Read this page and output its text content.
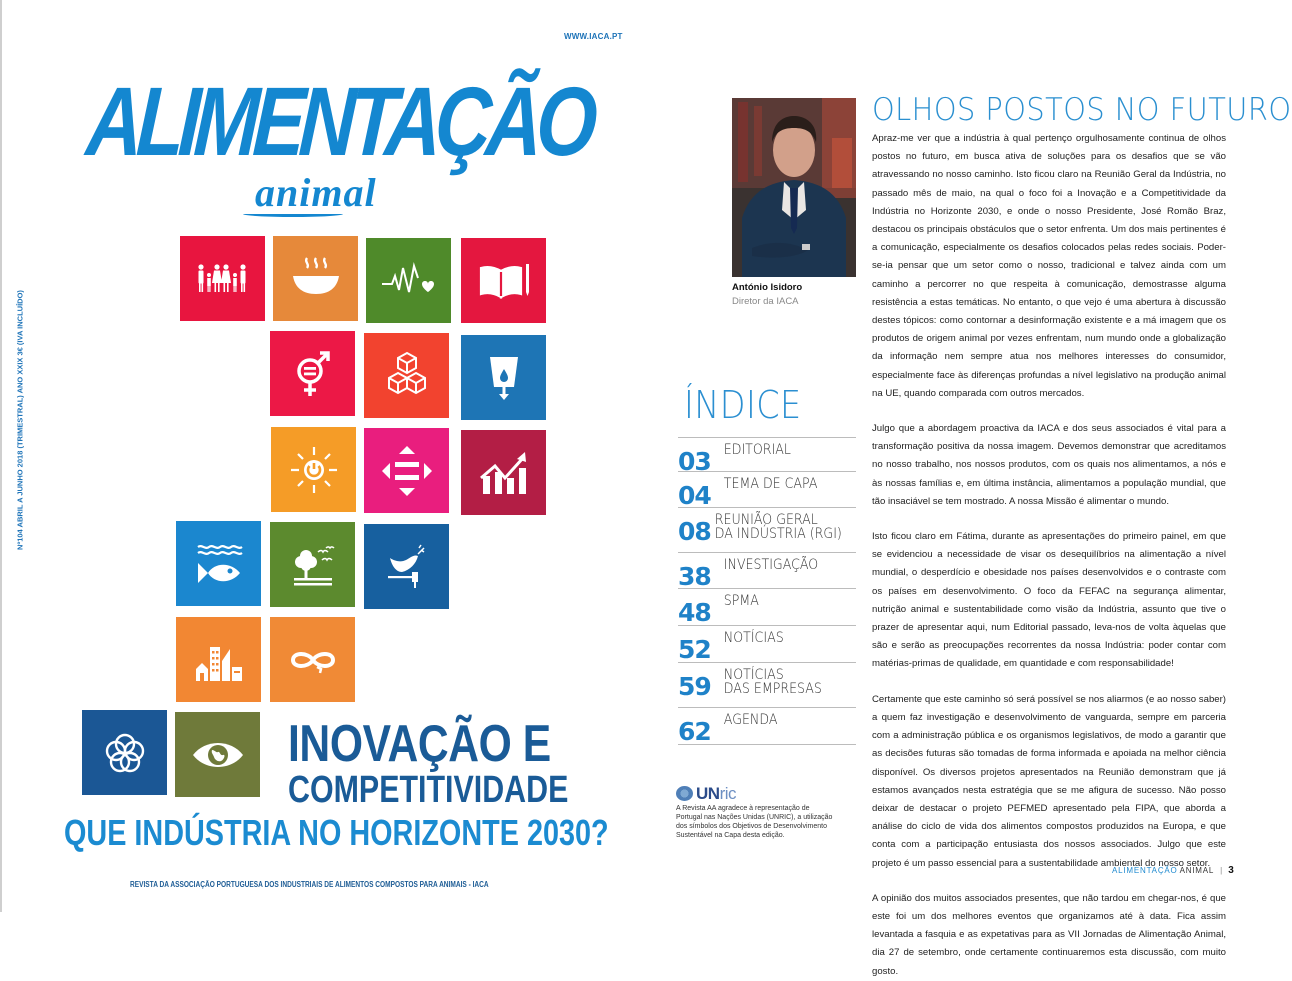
WWW.IACA.PT
ALIMENTAÇÃO
animal
Nº104 ABRIL A JUNHO 2018 (TRIMESTRAL) ANO XXIX 3€ (IVA INCLUÍDO)
INOVAÇÃO E
COMPETITIVIDADE
QUE INDÚSTRIA NO HORIZONTE 2030?
REVISTA DA ASSOCIAÇÃO PORTUGUESA DOS INDUSTRIAIS DE ALIMENTOS COMPOSTOS PARA ANIMAIS - IACA
António Isidoro
Diretor da IACA
OLHOS POSTOS NO FUTURO

Apraz-me ver que a indústria à qual pertenço orgulhosamente continua de olhos postos no futuro, em busca ativa de soluções para os desafios que se vão atravessando no nosso caminho. Isto ficou claro na Reunião Geral da Indústria, no passado mês de maio, na qual o foco foi a Inovação e a Competitividade da Indústria no Horizonte 2030, e onde o nosso Presidente, José Romão Braz, destacou os principais obstáculos que o setor enfrenta. Um dos mais pertinentes é a comunicação, especialmente os desafios colocados pelas redes sociais. Poder-se-ia pensar que um setor como o nosso, tradicional e talvez ainda com um caminho a percorrer no que respeita à comunicação, demostrasse alguma resistência a estas temáticas. No entanto, o que vejo é uma abertura à discussão destes tópicos: como contornar a desinformação existente e a má imagem que os produtos de origem animal por vezes enfrentam, num mundo onde a globalização da informação nem sempre atua nos melhores interesses do consumidor, especialmente face às diferenças profundas a nível legislativo na produção animal na UE, quando comparada com outros mercados.

Julgo que a abordagem proactiva da IACA e dos seus associados é vital para a transformação positiva da nossa imagem. Devemos demonstrar que acreditamos no nosso trabalho, nos nossos produtos, com os quais nos alimentamos, a nós e às nossas famílias e, em última instância, alimentamos a população mundial, que tão insaciável se tem mostrado. A nossa Missão é alimentar o mundo.

Isto ficou claro em Fátima, durante as apresentações do primeiro painel, em que se evidenciou a necessidade de visar os desequilíbrios na alimentação a nível mundial, o desperdício e obesidade nos países desenvolvidos e o contraste com os países em desenvolvimento. O foco da FEFAC na segurança alimentar, nutrição animal e sustentabilidade como visão da Indústria, assunto que tive o prazer de apresentar aqui, num Editorial passado, leva-nos de volta àquelas que são e serão as preocupações recorrentes da nossa Indústria: poder contar com matérias-primas de qualidade, em quantidade e com responsabilidade!

Certamente que este caminho só será possível se nos aliarmos (e ao nosso saber) a quem faz investigação e desenvolvimento de vanguarda, sempre em parceria com a administração pública e os organismos legislativos, de modo a garantir que as decisões futuras são tomadas de forma informada e apoiada na melhor ciência disponível. Os diversos projetos apresentados na Reunião demonstram que já estamos avançados nesta estratégia que se me afigura de sucesso. Não posso deixar de destacar o projeto PEFMED apresentado pela FIPA, que aborda a análise do ciclo de vida dos alimentos compostos produzidos na Europa, e que conta com a participação entusiasta dos nossos associados. Julgo que este projeto é um passo essencial para a sustentabilidade ambiental do nosso setor.

A opinião dos muitos associados presentes, que não tardou em chegar-nos, é que este foi um dos melhores eventos que organizamos até à data. Fica assim levantada a fasquia e as expetativas para as VII Jornadas de Alimentação Animal, dia 27 de setembro, onde certamente continuaremos esta discussão, com muito gosto.

ÍNDICE
03 EDITORIAL
04 TEMA DE CAPA
08 REUNIÃO GERAL
DA INDÚSTRIA (RGI)
38 INVESTIGAÇÃO
48 SPMA
52 NOTÍCIAS
59 NOTÍCIAS
DAS EMPRESAS
62 AGENDA
UNric
A Revista AA agradece à representação de Portugal nas Nações Unidas (UNRIC), a utilização dos símbolos dos Objetivos de Desenvolvimento Sustentável na Capa desta edição.
ALIMENTAÇÃO ANIMAL | 3
